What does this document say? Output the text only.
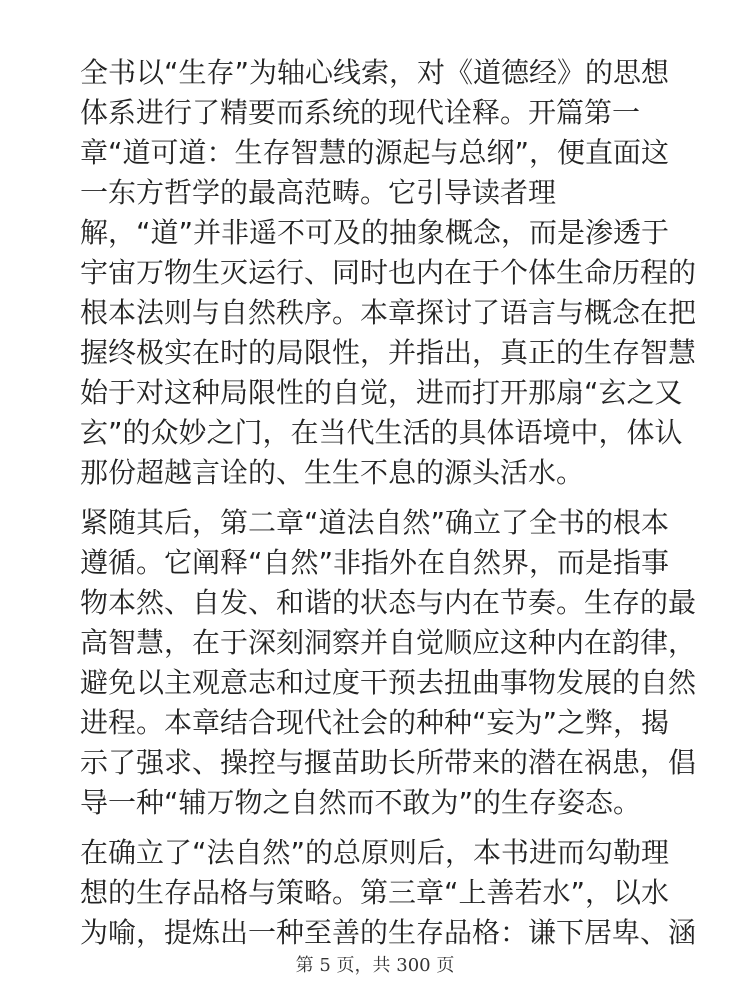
全书以“生存”为轴心线索，对《道德经》的思想
体系进行了精要而系统的现代诠释。开篇第一
章“道可道：生存智慧的源起与总纲”，便直面这
一东方哲学的最高范畴。它引导读者理
解，“道”并非遥不可及的抽象概念，而是渗透于
宇宙万物生灭运行、同时也内在于个体生命历程的
根本法则与自然秩序。本章探讨了语言与概念在把
握终极实在时的局限性，并指出，真正的生存智慧
始于对这种局限性的自觉，进而打开那扇“玄之又
玄”的众妙之门，在当代生活的具体语境中，体认
那份超越言诠的、生生不息的源头活水。

紧随其后，第二章“道法自然”确立了全书的根本
遵循。它阐释“自然”非指外在自然界，而是指事
物本然、自发、和谐的状态与内在节奏。生存的最
高智慧，在于深刻洞察并自觉顺应这种内在韵律，
避免以主观意志和过度干预去扭曲事物发展的自然
进程。本章结合现代社会的种种“妄为”之弊，揭
示了强求、操控与揠苗助长所带来的潜在祸患，倡
导一种“辅万物之自然而不敢为”的生存姿态。

在确立了“法自然”的总原则后，本书进而勾勒理
想的生存品格与策略。第三章“上善若水”，以水
为喻，提炼出一种至善的生存品格：谦下居卑、涵

第 5 页，共 300 页
